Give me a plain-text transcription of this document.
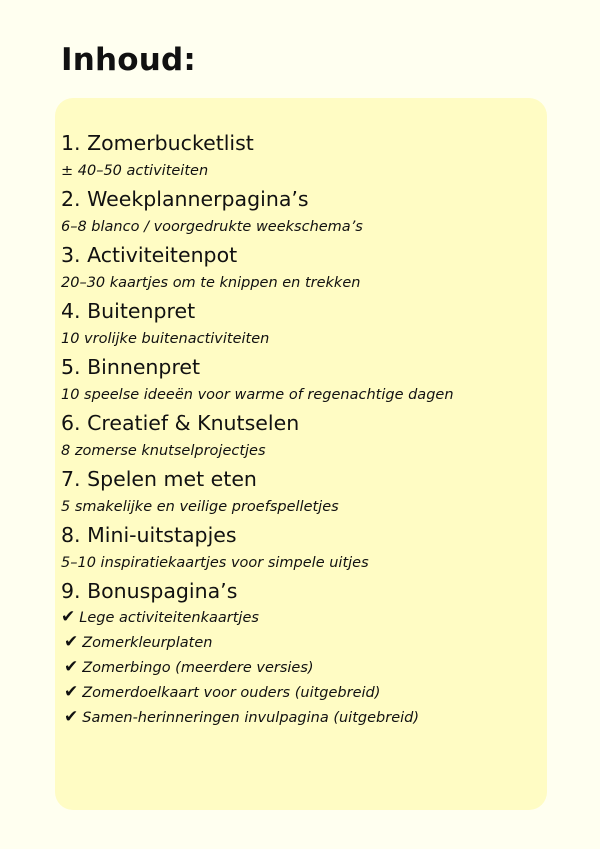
Inhoud:
1. Zomerbucketlist
± 40–50 activiteiten
2. Weekplannerpagina’s
6–8 blanco / voorgedrukte weekschema’s
3. Activiteitenpot
20–30 kaartjes om te knippen en trekken
4. Buitenpret
10 vrolijke buitenactiviteiten
5. Binnenpret
10 speelse ideeën voor warme of regenachtige dagen
6. Creatief & Knutselen
8 zomerse knutselprojectjes
7. Spelen met eten
5 smakelijke en veilige proefspelletjes
8. Mini-uitstapjes
5–10 inspiratiekaartjes voor simpele uitjes
9. Bonuspagina’s
✔ Lege activiteitenkaartjes
✔ Zomerkleurplaten
✔ Zomerbingo (meerdere versies)
✔ Zomerdoelkaart voor ouders (uitgebreid)
✔ Samen-herinneringen invulpagina (uitgebreid)
